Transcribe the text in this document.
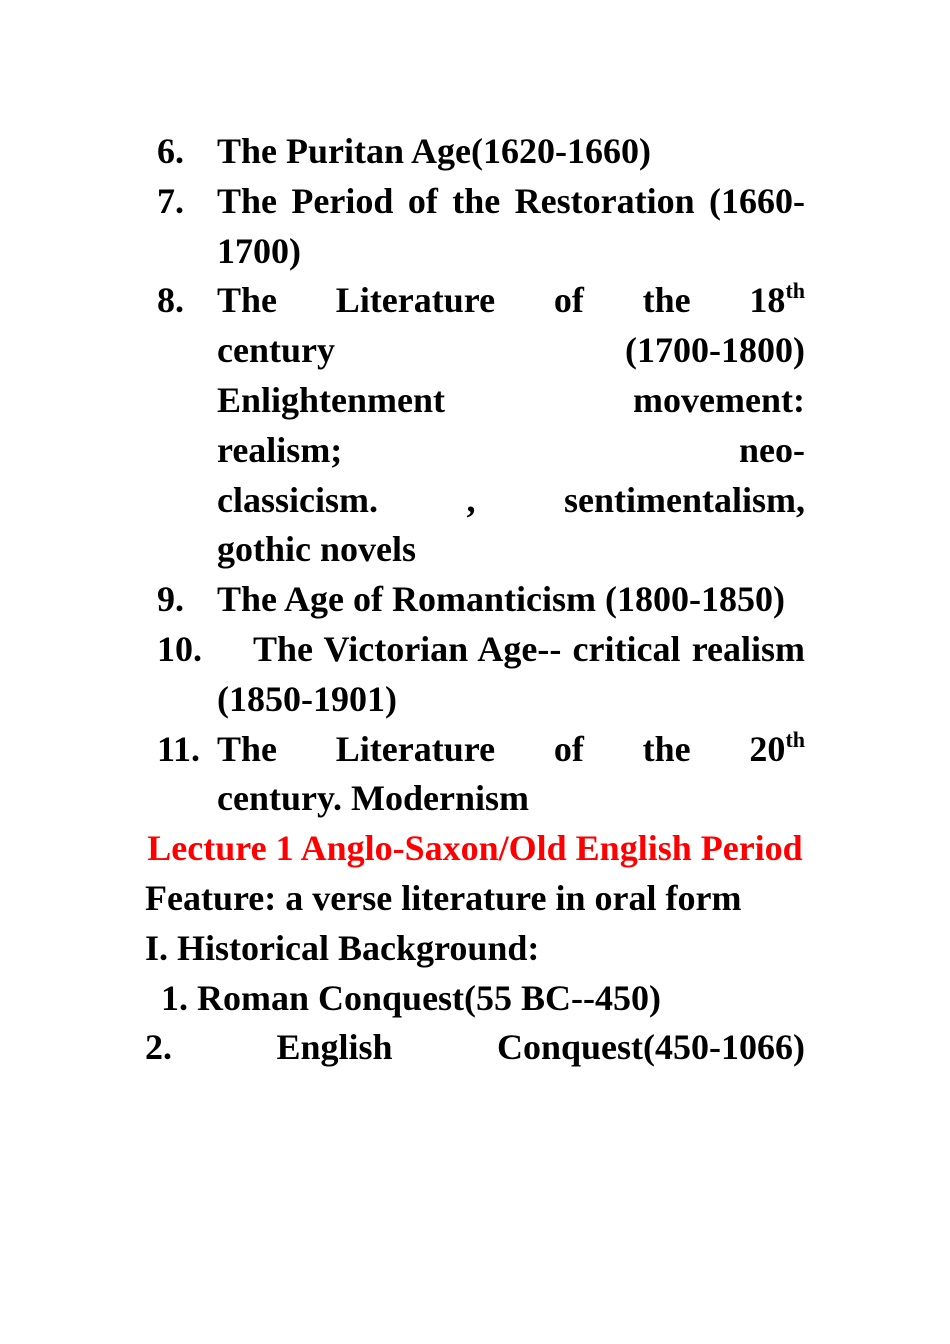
6. The Puritan Age(1620-1660)
7. The Period of the Restoration (1660-1700)
8. The Literature of the 18th
century (1700-1800)
Enlightenment movement:
realism; neo-
classicism. , sentimentalism,
gothic novels
9. The Age of Romanticism (1800-1850)
10. The Victorian Age-- critical realism (1850-1901)
11. The Literature of the 20th
century. Modernism
Lecture 1 Anglo-Saxon/Old English Period
Feature: a verse literature in oral form
I. Historical Background:
1. Roman Conquest(55 BC--450)
2. English Conquest(450-1066)
